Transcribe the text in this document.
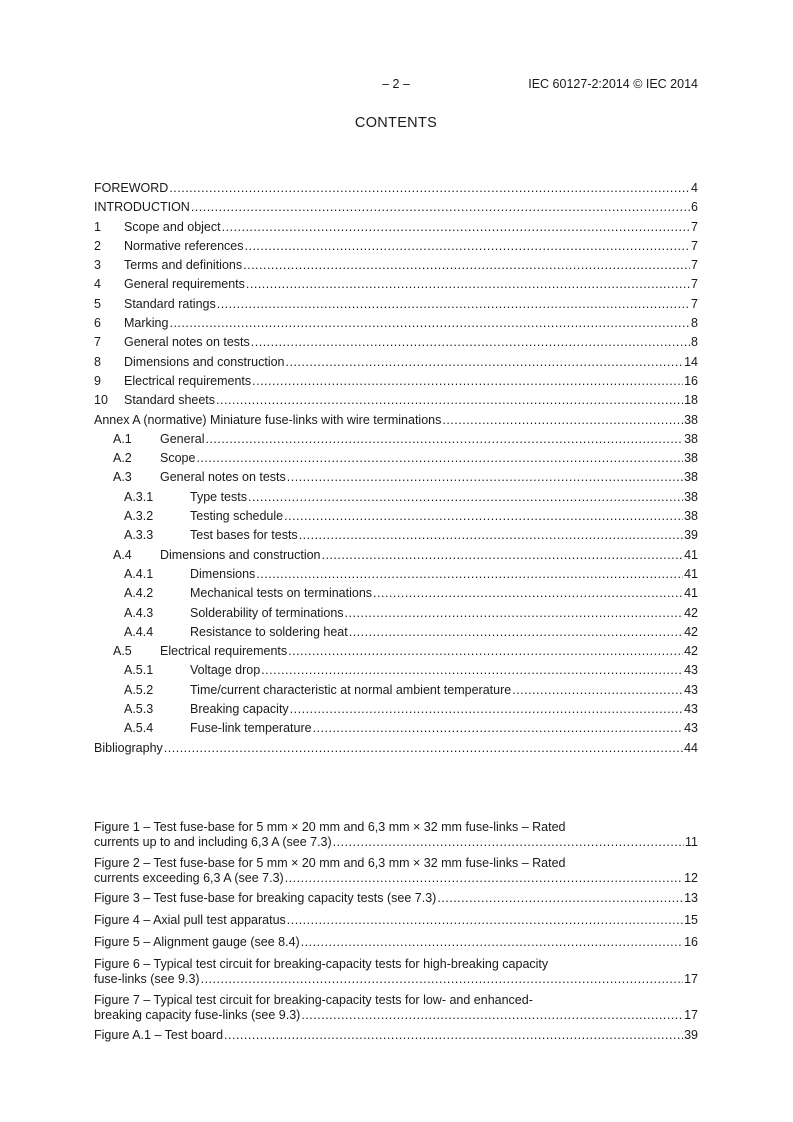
– 2 –	IEC 60127-2:2014 © IEC 2014
CONTENTS
FOREWORD .....	4
INTRODUCTION .....	6
1	Scope and object .....	7
2	Normative references .....	7
3	Terms and definitions .....	7
4	General requirements .....	7
5	Standard ratings .....	7
6	Marking .....	8
7	General notes on tests .....	8
8	Dimensions and construction .....	14
9	Electrical requirements .....	16
10	Standard sheets .....	18
Annex A (normative) Miniature fuse-links with wire terminations .....	38
A.1	General .....	38
A.2	Scope .....	38
A.3	General notes on tests .....	38
A.3.1	Type tests .....	38
A.3.2	Testing schedule .....	38
A.3.3	Test bases for tests .....	39
A.4	Dimensions and construction .....	41
A.4.1	Dimensions .....	41
A.4.2	Mechanical tests on terminations .....	41
A.4.3	Solderability of terminations .....	42
A.4.4	Resistance to soldering heat .....	42
A.5	Electrical requirements .....	42
A.5.1	Voltage drop .....	43
A.5.2	Time/current characteristic at normal ambient temperature .....	43
A.5.3	Breaking capacity .....	43
A.5.4	Fuse-link temperature .....	43
Bibliography .....	44
Figure 1 – Test fuse-base for 5 mm × 20 mm and 6,3 mm × 32 mm fuse-links – Rated
currents up to and including 6,3 A (see 7.3) .....	11
Figure 2 – Test fuse-base for 5 mm × 20 mm and 6,3 mm × 32 mm fuse-links – Rated
currents exceeding 6,3 A (see 7.3) .....	12
Figure 3 – Test fuse-base for breaking capacity tests (see 7.3) .....	13
Figure 4 – Axial pull test apparatus .....	15
Figure 5 – Alignment gauge (see 8.4) .....	16
Figure 6 – Typical test circuit for breaking-capacity tests for high-breaking capacity
fuse-links (see 9.3) .....	17
Figure 7 – Typical test circuit for breaking-capacity tests for low- and enhanced-
breaking capacity fuse-links (see 9.3) .....	17
Figure A.1 – Test board .....	39
